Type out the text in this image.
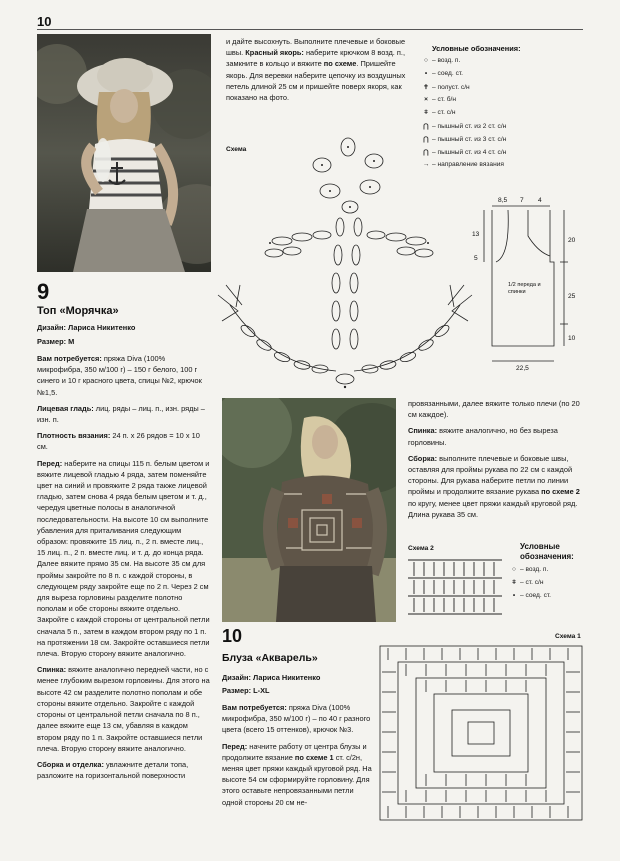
10
9
Топ «Морячка»
Дизайн: Лариса Никитенко
Размер: M

Вам потребуется: пряжа Diva (100% микрофибра, 350 м/100 г) – 150 г белого, 100 г синего и 10 г красного цвета, спицы №2, крючок №1,5.

Лицевая гладь: лиц. ряды – лиц. п., изн. ряды – изн. п.

Плотность вязания: 24 п. х 26 рядов = 10 х 10 см.

Перед: наберите на спицы 115 п. белым цветом и вяжите лицевой гладью 4 ряда, затем поменяйте цвет на синий и провяжите 2 ряда также лицевой гладью, затем снова 4 ряда белым цветом и т. д., чередуя цветные полосы в аналогичной последовательности. На высоте 10 см выполните убавления для приталивания следующим образом: провяжите 15 лиц. п., 2 п. вместе лиц., 15 лиц. п., 2 п. вместе лиц. и т. д. до конца ряда. Далее вяжите прямо 35 см. На высоте 35 см для проймы закройте по 8 п. с каждой стороны, в следующем ряду закройте еще по 2 п. Через 2 см для выреза горловины разделите полотно пополам и обе стороны вяжите отдельно. Закройте с каждой стороны от центральной петли сначала 5 п., затем в каждом втором ряду по 1 п. на протяжении 18 см. Закройте оставшиеся петли плеча. Вторую сторону вяжите аналогично.

Спинка: вяжите аналогично передней части, но с менее глубоким вырезом горловины. Для этого на высоте 42 см разделите полотно пополам и обе стороны вяжите отдельно. Закройте с каждой стороны от центральной петли сначала по 8 п., далее вяжите еще 13 см, убавляя в каждом втором ряду по 1 п. Закройте оставшиеся петли плеча. Вторую сторону вяжите аналогично.

Сборка и отделка: увлажните детали топа, разложите на горизонтальной поверхности

и дайте высохнуть. Выполните плечевые и боковые швы. Красный якорь: наберите крючком 8 возд. п., замкните в кольцо и вяжите по схеме. Пришейте якорь. Для веревки наберите цепочку из воздушных петель длиной 25 см и пришейте поверх якоря, как показано на фото.
Схема
Условные обозначения:
○ – возд. п.
• – соед. ст.
✝ – полуст. с/н
× – ст. б/н
ǂ – ст. с/н
⋂ – пышный ст. из 2 ст. с/н
⋂ – пышный ст. из 3 ст. с/н
⋂ – пышный ст. из 4 ст. с/н
→ – направление вязания
8,5 7 4
13
5
20
25
10
1/2 переда и спинки
22,5

провязанными, далее вяжите только плечи (по 20 см каждое).

Спинка: вяжите аналогично, но без выреза горловины.

Сборка: выполните плечевые и боковые швы, оставляя для проймы рукава по 22 см с каждой стороны. Для рукава наберите петли по линии проймы и продолжите вязание рукава по схеме 2 по кругу, менее цвет пряжи каждый круговой ряд. Длина рукава 35 см.

Схема 2	Условные обозначения:
○ – возд. п.
ǂ – ст. с/н
• – соед. ст.
10
Блуза «Акварель»
Дизайн: Лариса Никитенко
Размер: L-XL

Вам потребуется: пряжа Diva (100% микрофибра, 350 м/100 г) – по 40 г разного цвета (всего 15 оттенков), крючок №3.

Перед: начните работу от центра блузы и продолжите вязание по схеме 1 ст. с/2н, меняя цвет пряжи каждый круговой ряд. На высоте 54 см сформируйте горловину. Для этого оставьте непровязанными петли одной стороны 20 см не-

Схема 1
